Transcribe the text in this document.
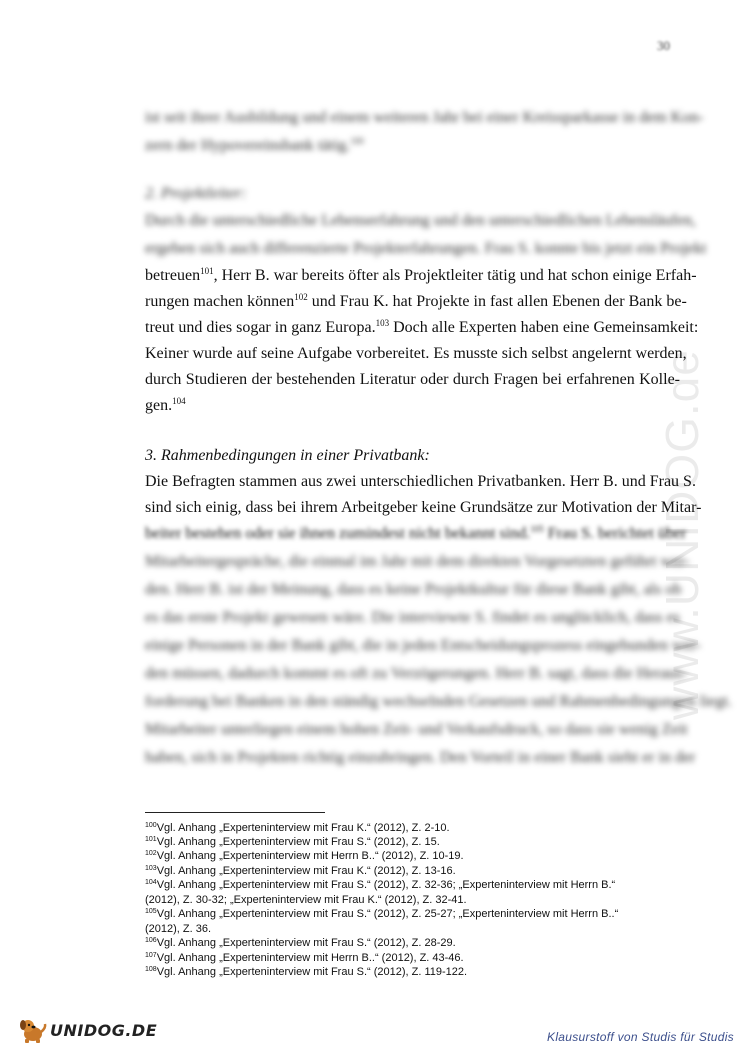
30
ist seit ihrer Ausbildung und einem weiteren Jahr bei einer Kreissparkasse in dem Kon-
zern der Hypovereinsbank tätig.$^{100}$
2. Projektleiter:
Durch die unterschiedliche Lebenserfahrung und den unterschiedlichen Lebensläufen,
ergeben sich auch differenzierte Projekterfahrungen. Frau S. konnte bis jetzt ein Projekt
betreuen$^{101}$, Herr B. war bereits öfter als Projektleiter tätig und hat schon einige Erfah-
rungen machen können$^{102}$ und Frau K. hat Projekte in fast allen Ebenen der Bank be-
treut und dies sogar in ganz Europa.$^{103}$ Doch alle Experten haben eine Gemeinsamkeit:
Keiner wurde auf seine Aufgabe vorbereitet. Es musste sich selbst angelernt werden,
durch Studieren der bestehenden Literatur oder durch Fragen bei erfahrenen Kolle-
gen.$^{104}$
3. Rahmenbedingungen in einer Privatbank:
Die Befragten stammen aus zwei unterschiedlichen Privatbanken. Herr B. und Frau S.
sind sich einig, dass bei ihrem Arbeitgeber keine Grundsätze zur Motivation der Mitar-
beiter bestehen oder sie ihnen zumindest nicht bekannt sind.$^{105}$ Frau S. berichtet über
Mitarbeitergespräche, die einmal im Jahr mit dem direkten Vorgesetzten geführt wer-
den. Herr B. ist der Meinung, dass es keine Projektkultur für diese Bank gibt, als ob
es das erste Projekt gewesen wäre. Die interviewte S. findet es unglücklich, dass es
einige Personen in der Bank gibt, die in jeden Entscheidungsprozess eingebunden wer-
den müssen, dadurch kommt es oft zu Verzögerungen. Herr B. sagt, dass die Heraus-
forderung bei Banken in den ständig wechselnden Gesetzen und Rahmenbedingungen liegt.
Mitarbeiter unterliegen einem hohen Zeit- und Verkaufsdruck, so dass sie wenig Zeit
haben, sich in Projekten richtig einzubringen. Den Vorteil in einer Bank sieht er in der
$^{100}$Vgl. Anhang „Experteninterview mit Frau K.“ (2012), Z. 2-10.
$^{101}$Vgl. Anhang „Experteninterview mit Frau S.“ (2012), Z. 15.
$^{102}$Vgl. Anhang „Experteninterview mit Herrn B..“ (2012), Z. 10-19.
$^{103}$Vgl. Anhang „Experteninterview mit Frau K.“ (2012), Z. 13-16.
$^{104}$Vgl. Anhang „Experteninterview mit Frau S.“ (2012), Z. 32-36; „Experteninterview mit Herrn B.“
(2012), Z. 30-32; „Experteninterview mit Frau K.“ (2012), Z. 32-41.
$^{105}$Vgl. Anhang „Experteninterview mit Frau S.“ (2012), Z. 25-27; „Experteninterview mit Herrn B..“
(2012), Z. 36.
$^{106}$Vgl. Anhang „Experteninterview mit Frau S.“ (2012), Z. 28-29.
$^{107}$Vgl. Anhang „Experteninterview mit Herrn B..“ (2012), Z. 43-46.
$^{108}$Vgl. Anhang „Experteninterview mit Frau S.“ (2012), Z. 119-122.
www.UNIDOG.de
UNIDOG.DE	Klausurstoff von Studis für Studis
